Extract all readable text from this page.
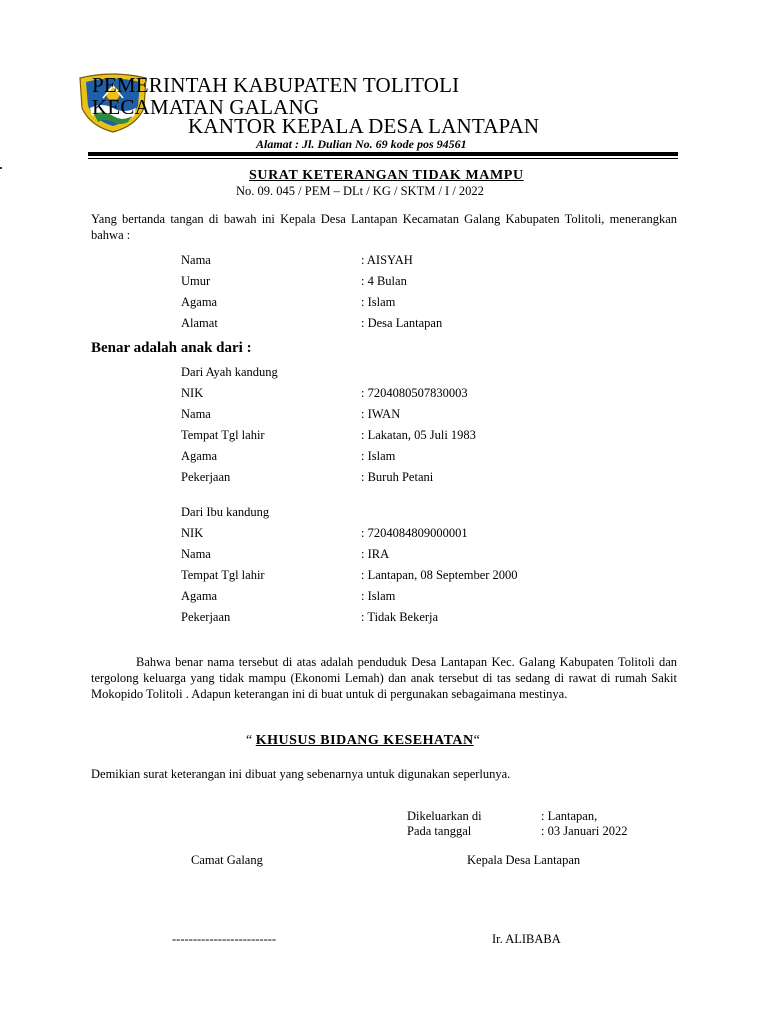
PEMERINTAH KABUPATEN TOLITOLI
KECAMATAN GALANG
KANTOR KEPALA DESA LANTAPAN
Alamat : Jl. Dulian No. 69 kode pos 94561
SURAT KETERANGAN TIDAK MAMPU
No. 09. 045 / PEM – DLt / KG / SKTM / I / 2022
Yang bertanda tangan di bawah ini Kepala Desa Lantapan Kecamatan Galang Kabupaten Tolitoli, menerangkan bahwa :
Nama	: AISYAH
Umur	: 4 Bulan
Agama	: Islam
Alamat	: Desa Lantapan
Benar adalah anak dari :
Dari Ayah kandung
NIK	: 7204080507830003
Nama	: IWAN
Tempat Tgl lahir	: Lakatan, 05 Juli 1983
Agama	: Islam
Pekerjaan	: Buruh Petani
Dari Ibu kandung
NIK	: 7204084809000001
Nama	: IRA
Tempat Tgl lahir	: Lantapan, 08 September 2000
Agama	: Islam
Pekerjaan	: Tidak Bekerja
Bahwa benar nama tersebut di atas adalah penduduk Desa Lantapan Kec. Galang Kabupaten Tolitoli dan tergolong keluarga yang tidak mampu (Ekonomi Lemah) dan anak tersebut di tas sedang di rawat di rumah Sakit Mokopido Tolitoli . Adapun keterangan ini di buat untuk di pergunakan sebagaimana mestinya.
“ KHUSUS BIDANG KESEHATAN“
Demikian surat keterangan ini dibuat yang sebenarnya untuk digunakan seperlunya.
Dikeluarkan di	: Lantapan,
Pada tanggal	: 03 Januari 2022
Camat Galang	Kepala Desa Lantapan
-------------------------	Ir. ALIBABA
